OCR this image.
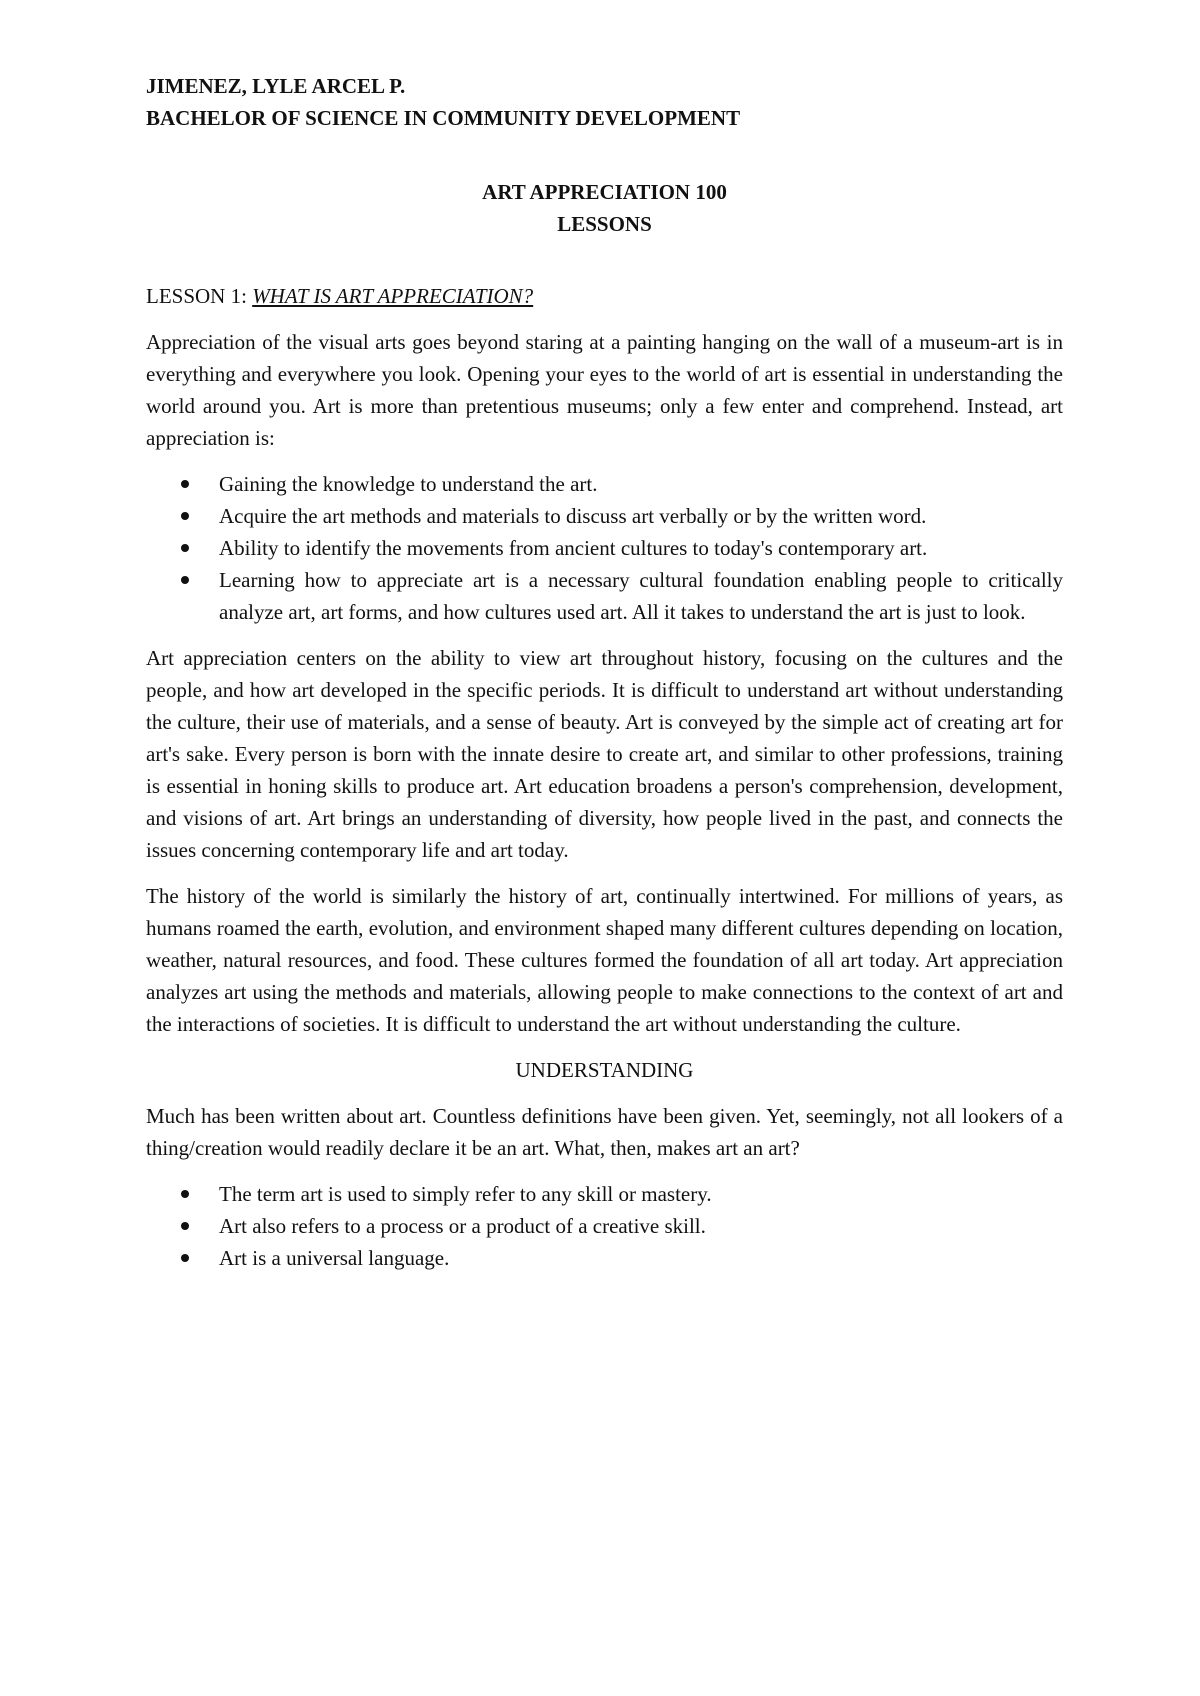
JIMENEZ, LYLE ARCEL P.
BACHELOR OF SCIENCE IN COMMUNITY DEVELOPMENT
ART APPRECIATION 100
LESSONS
LESSON 1: WHAT IS ART APPRECIATION?

Appreciation of the visual arts goes beyond staring at a painting hanging on the wall of a museum-art is in everything and everywhere you look. Opening your eyes to the world of art is essential in understanding the world around you. Art is more than pretentious museums; only a few enter and comprehend. Instead, art appreciation is:

Gaining the knowledge to understand the art.
Acquire the art methods and materials to discuss art verbally or by the written word.
Ability to identify the movements from ancient cultures to today's contemporary art.
Learning how to appreciate art is a necessary cultural foundation enabling people to critically analyze art, art forms, and how cultures used art. All it takes to understand the art is just to look.

Art appreciation centers on the ability to view art throughout history, focusing on the cultures and the people, and how art developed in the specific periods. It is difficult to understand art without understanding the culture, their use of materials, and a sense of beauty. Art is conveyed by the simple act of creating art for art's sake. Every person is born with the innate desire to create art, and similar to other professions, training is essential in honing skills to produce art. Art education broadens a person's comprehension, development, and visions of art. Art brings an understanding of diversity, how people lived in the past, and connects the issues concerning contemporary life and art today.

The history of the world is similarly the history of art, continually intertwined. For millions of years, as humans roamed the earth, evolution, and environment shaped many different cultures depending on location, weather, natural resources, and food. These cultures formed the foundation of all art today. Art appreciation analyzes art using the methods and materials, allowing people to make connections to the context of art and the interactions of societies. It is difficult to understand the art without understanding the culture.

UNDERSTANDING

Much has been written about art. Countless definitions have been given. Yet, seemingly, not all lookers of a thing/creation would readily declare it be an art. What, then, makes art an art?

The term art is used to simply refer to any skill or mastery.
Art also refers to a process or a product of a creative skill.
Art is a universal language.
